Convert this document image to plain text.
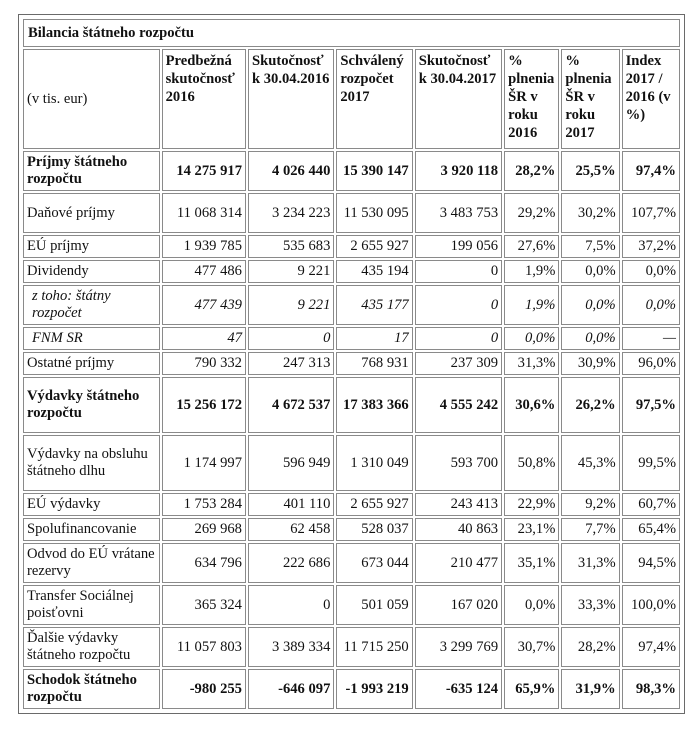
Bilancia štátneho rozpočtu							
(v tis. eur)	Predbežná skutočnosť 2016	Skutočnosť k 30.04.2016	Schválený rozpočet 2017	Skutočnosť k 30.04.2017	% plnenia ŠR v roku 2016	% plnenia ŠR v roku 2017	Index 2017 / 2016 (v %)
Príjmy štátneho rozpočtu	14 275 917	4 026 440	15 390 147	3 920 118	28,2%	25,5%	97,4%
Daňové príjmy	11 068 314	3 234 223	11 530 095	3 483 753	29,2%	30,2%	107,7%
EÚ príjmy	1 939 785	535 683	2 655 927	199 056	27,6%	7,5%	37,2%
Dividendy	477 486	9 221	435 194	0	1,9%	0,0%	0,0%
z toho: štátny rozpočet	477 439	9 221	435 177	0	1,9%	0,0%	0,0%
FNM SR	47	0	17	0	0,0%	0,0%	—
Ostatné príjmy	790 332	247 313	768 931	237 309	31,3%	30,9%	96,0%
Výdavky štátneho rozpočtu	15 256 172	4 672 537	17 383 366	4 555 242	30,6%	26,2%	97,5%
Výdavky na obsluhu štátneho dlhu	1 174 997	596 949	1 310 049	593 700	50,8%	45,3%	99,5%
EÚ výdavky	1 753 284	401 110	2 655 927	243 413	22,9%	9,2%	60,7%
Spolufinancovanie	269 968	62 458	528 037	40 863	23,1%	7,7%	65,4%
Odvod do EÚ vrátane rezervy	634 796	222 686	673 044	210 477	35,1%	31,3%	94,5%
Transfer Sociálnej poisťovni	365 324	0	501 059	167 020	0,0%	33,3%	100,0%
Ďalšie výdavky štátneho rozpočtu	11 057 803	3 389 334	11 715 250	3 299 769	30,7%	28,2%	97,4%
Schodok štátneho rozpočtu	-980 255	-646 097	-1 993 219	-635 124	65,9%	31,9%	98,3%
